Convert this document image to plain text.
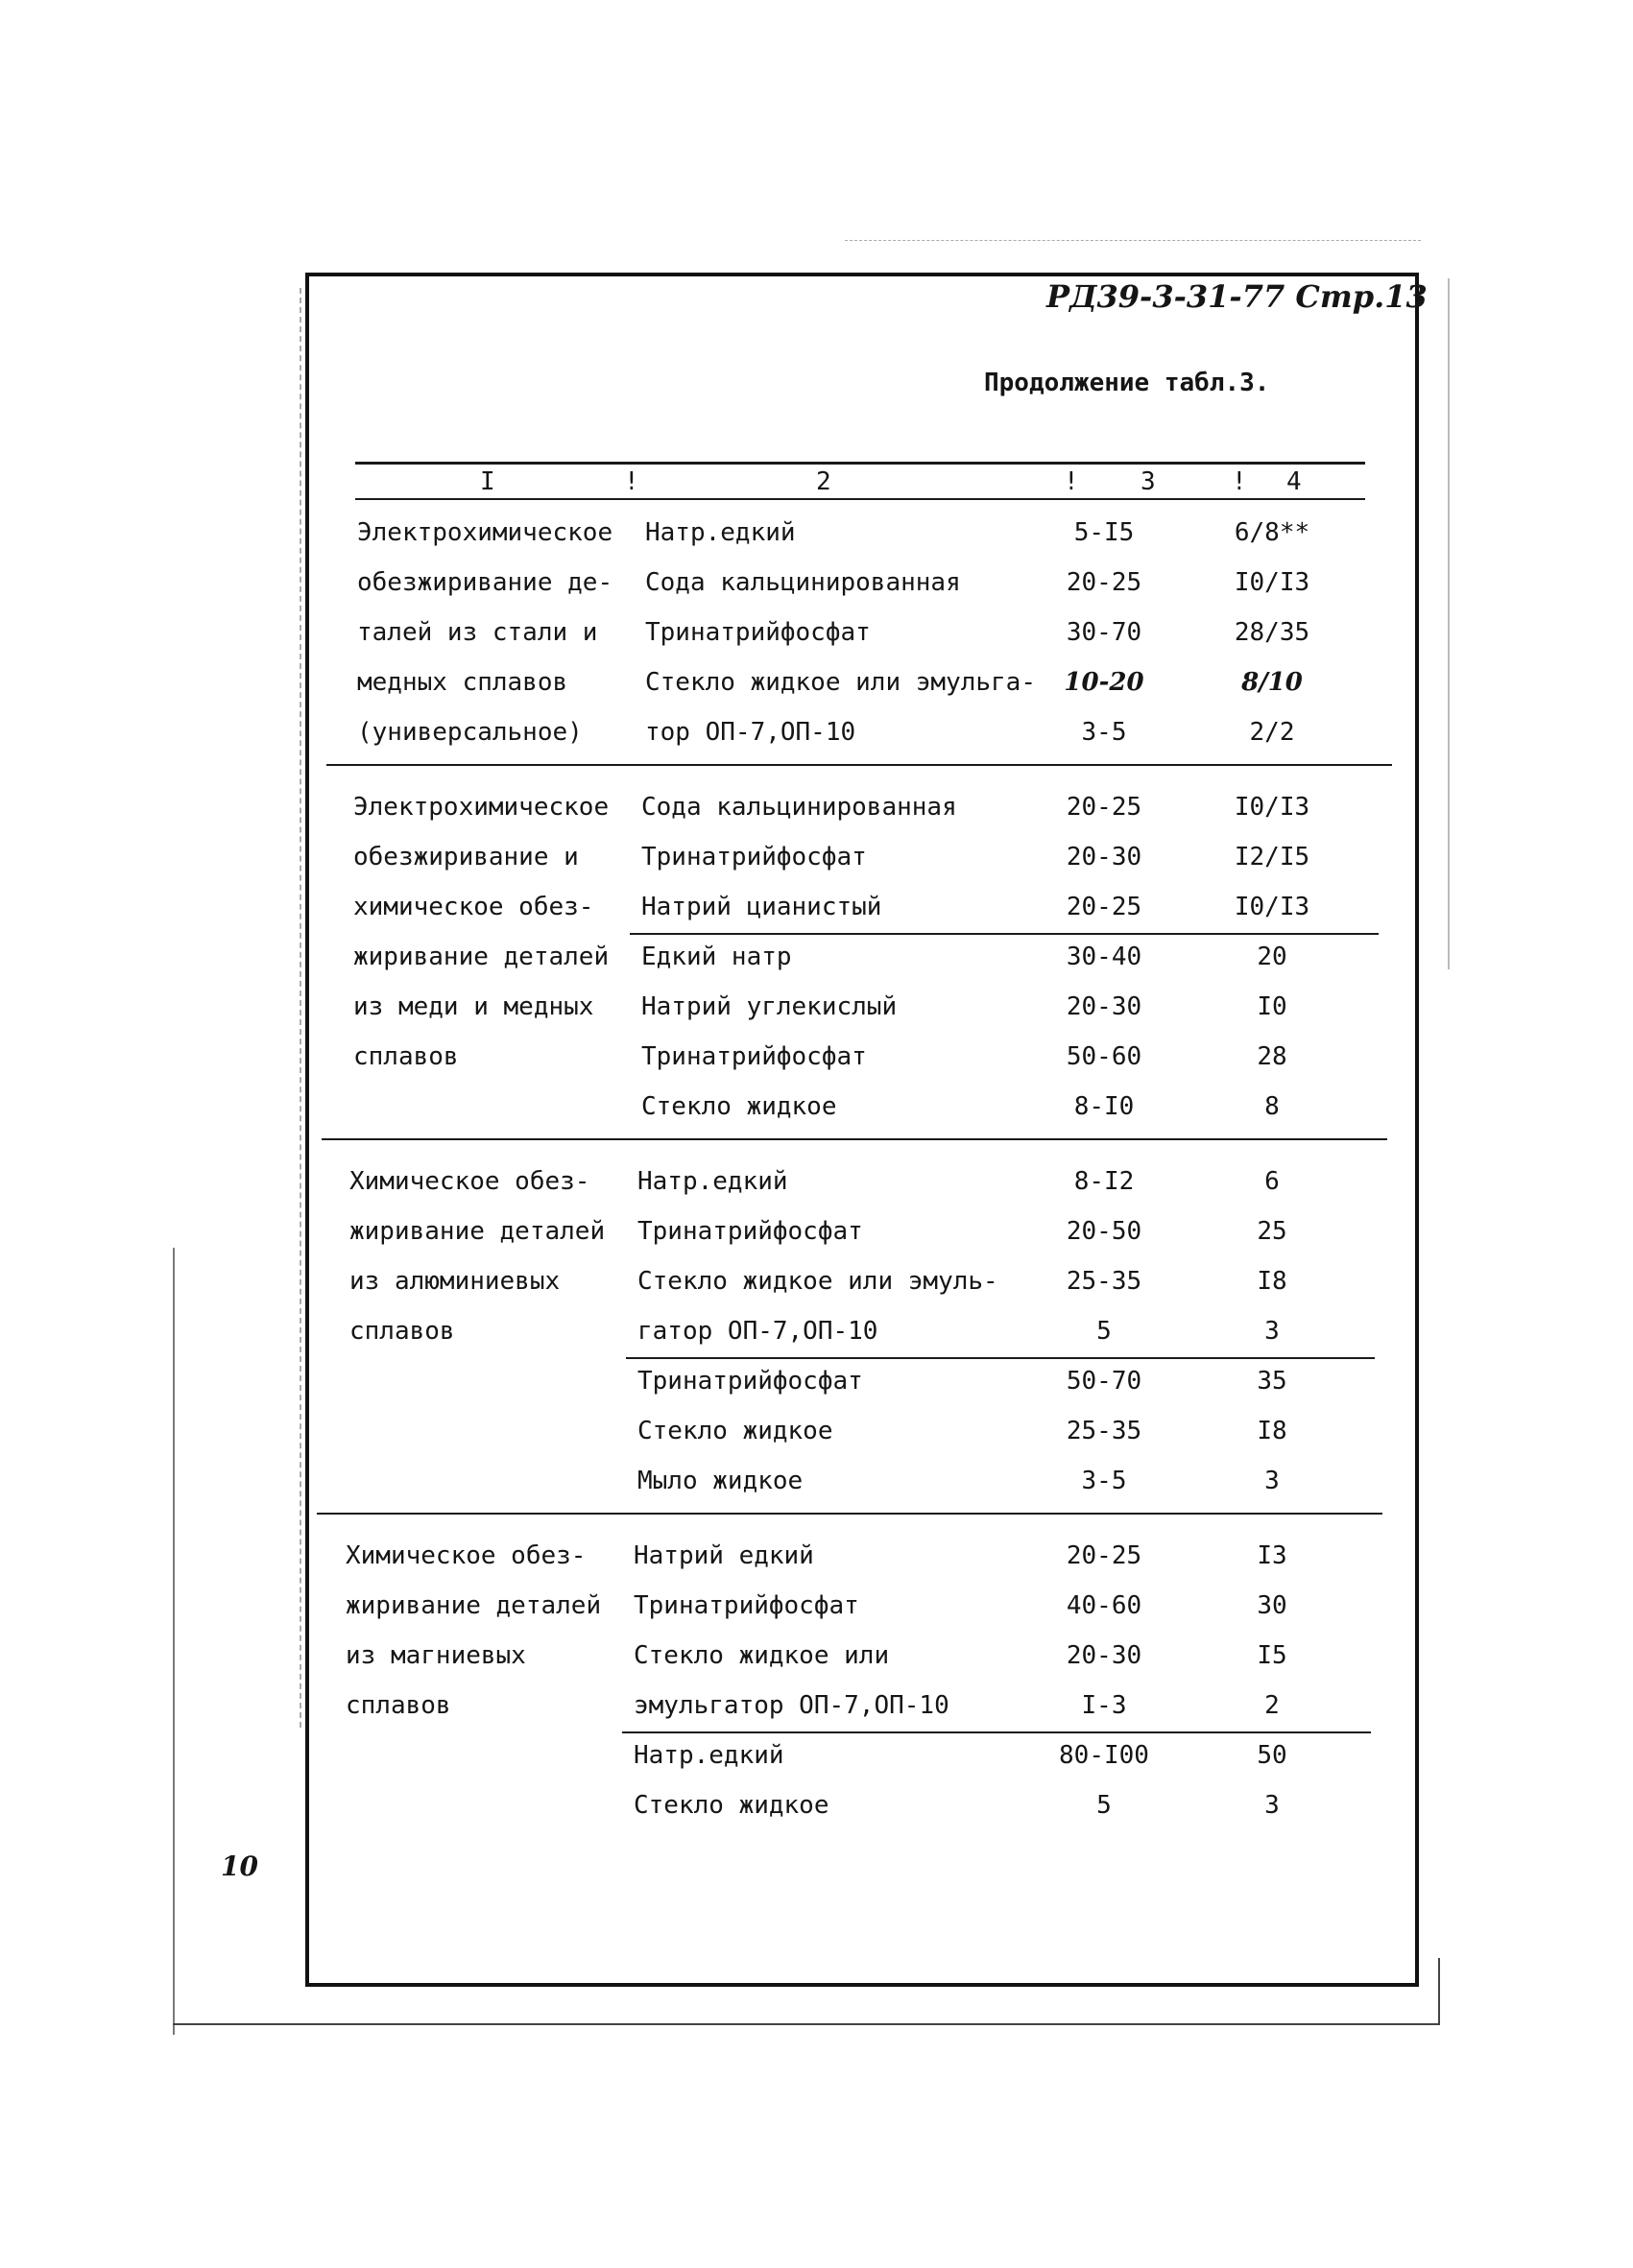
РД39-3-31-77 Стр.13
Продолжение табл.3.
10
I	2	3	4
!	!	!
Электрохимическое
обезжиривание де-
талей из стали и
медных сплавов
(универсальное)
Натр.едкий	5-I5	6/8**
Сода кальцинированная	20-25	I0/I3
Тринатрийфосфат	30-70	28/35
Стекло жидкое или эмульга-	10-20	8/10
тор ОП-7,ОП-10	3-5	2/2
Электрохимическое
обезжиривание и
химическое обез-
жиривание деталей
из меди и медных
сплавов
Сода кальцинированная	20-25	I0/I3
Тринатрийфосфат	20-30	I2/I5
Натрий цианистый	20-25	I0/I3
Едкий натр	30-40	20
Натрий углекислый	20-30	I0
Тринатрийфосфат	50-60	28
Стекло жидкое	8-I0	8
Химическое обез-
жиривание деталей
из алюминиевых
сплавов
Натр.едкий	8-I2	6
Тринатрийфосфат	20-50	25
Стекло жидкое или эмуль-	25-35	I8
гатор ОП-7,ОП-10	5	3
Тринатрийфосфат	50-70	35
Стекло жидкое	25-35	I8
Мыло жидкое	3-5	3
Химическое обез-
жиривание деталей
из магниевых
сплавов
Натрий едкий	20-25	I3
Тринатрийфосфат	40-60	30
Стекло жидкое или	20-30	I5
эмульгатор ОП-7,ОП-10	I-3	2
Натр.едкий	80-I00	50
Стекло жидкое	5	3
